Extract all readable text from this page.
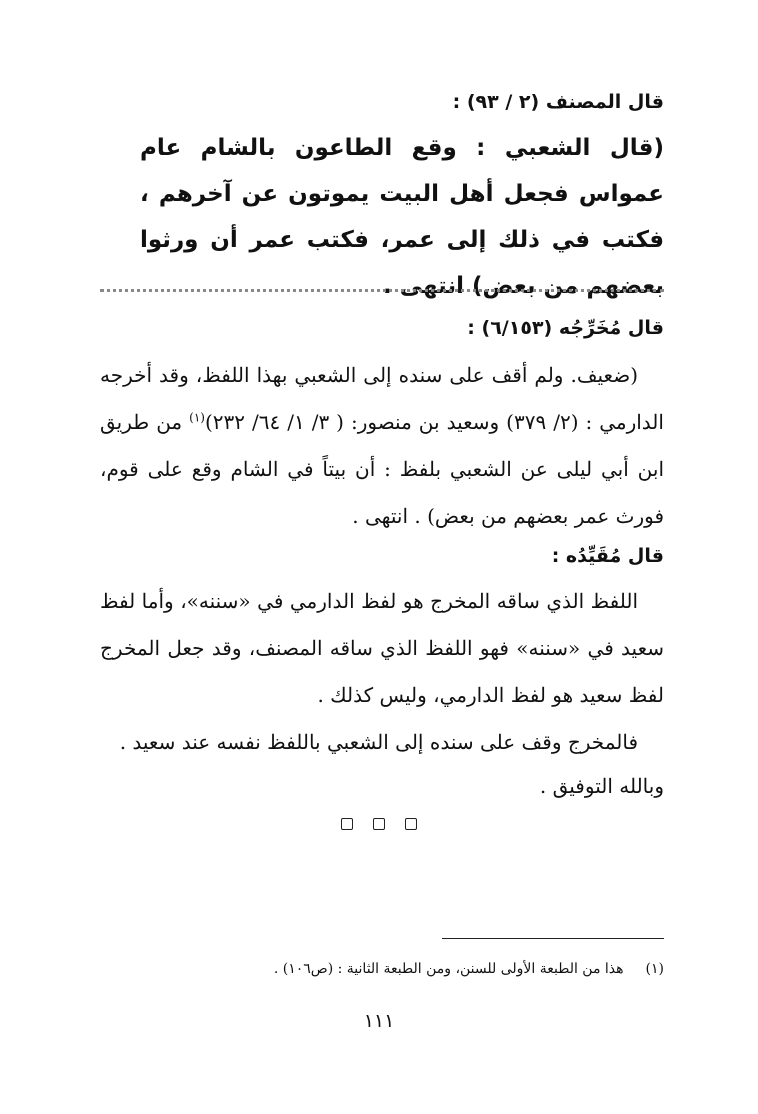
قال المصنف (٢ / ٩٣) :
(قال الشعبي : وقع الطاعون بالشام عام عمواس فجعل أهل البيت يموتون عن آخرهم ، فكتب في ذلك إلى عمر، فكتب عمر أن ورثوا بعضهم من بعض) انتهى .
قال مُخَرِّجُه (٦/١٥٣) :

(ضعيف. ولم أقف على سنده إلى الشعبي بهذا اللفظ، وقد أخرجه الدارمي : (٢/ ٣٧٩) وسعيد بن منصور: ( ٣/ ١/ ٦٤/ ٢٣٢)$^{(١)}$ من طريق ابن أبي ليلى عن الشعبي بلفظ : أن بيتاً في الشام وقع على قوم، فورث عمر بعضهم من بعض) . انتهى .

قال مُقَيِّدُه :

اللفظ الذي ساقه المخرج هو لفظ الدارمي في «سننه»، وأما لفظ سعيد في «سننه» فهو اللفظ الذي ساقه المصنف، وقد جعل المخرج لفظ سعيد هو لفظ الدارمي، وليس كذلك .

فالمخرج وقف على سنده إلى الشعبي باللفظ نفسه عند سعيد .

وبالله التوفيق .

(١)هذا من الطبعة الأولى للسنن، ومن الطبعة الثانية : (ص١٠٦) .
١١١
